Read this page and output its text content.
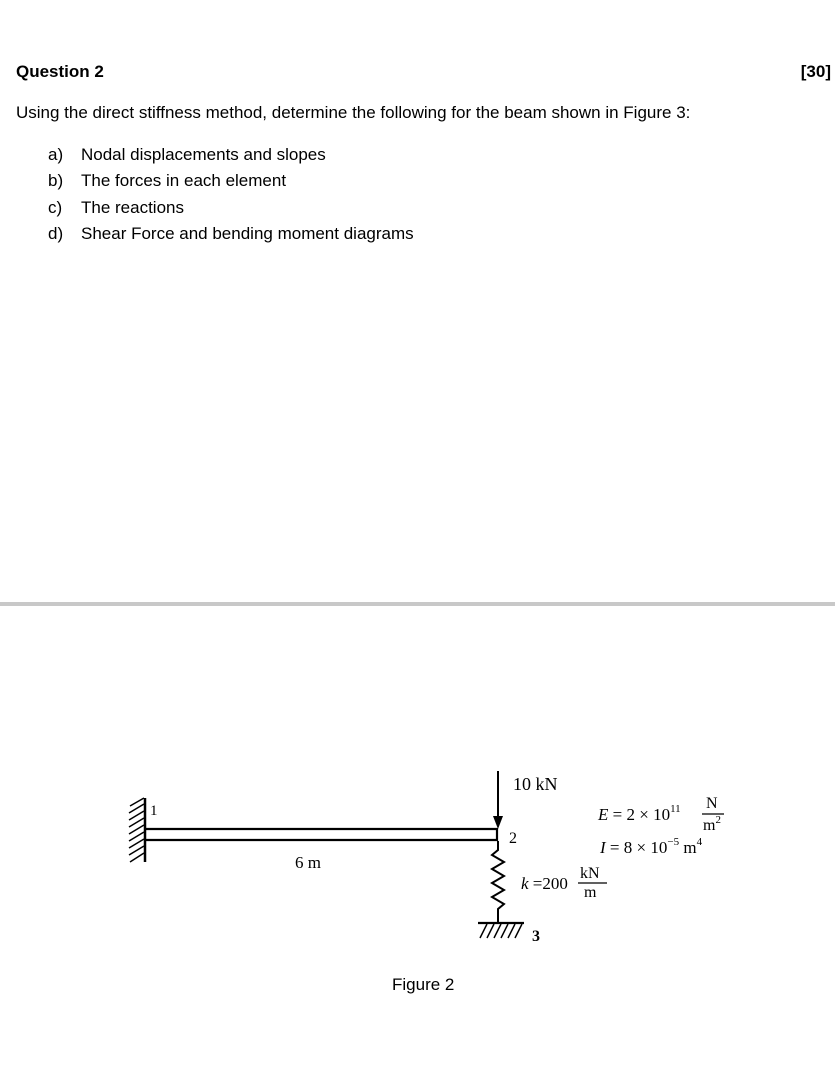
Question 2	[30]
Using the direct stiffness method, determine the following for the beam shown in Figure 3:
a) Nodal displacements and slopes
b) The forces in each element
c) The reactions
d) Shear Force and bending moment diagrams
10 kN
1
2
3
6 m
$E = 2 \times 10^{11}$ N
$m^2$
$I = 8 \times 10^{-5}$ $m^4$
k =200
kN
m
Figure 2
